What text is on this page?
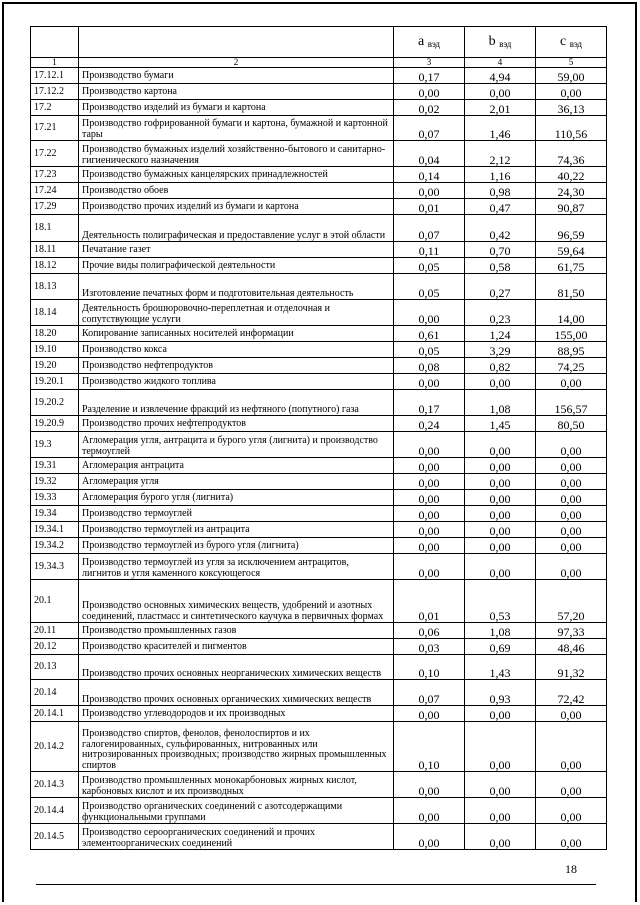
		a $_{вэд}$	b $_{вэд}$	c $_{вэд}$
1	2	3	4	5
17.12.1	Производство бумаги	0,17	4,94	59,00
17.12.2	Производство картона	0,00	0,00	0,00
17.2	Производство изделий из бумаги и картона	0,02	2,01	36,13
17.21	Производство гофрированной бумаги и картона, бумажной и картонной тары	0,07	1,46	110,56
17.22	Производство бумажных изделий хозяйственно-бытового и санитарно-гигиенического назначения	0,04	2,12	74,36
17.23	Производство бумажных канцелярских принадлежностей	0,14	1,16	40,22
17.24	Производство обоев	0,00	0,98	24,30
17.29	Производство прочих изделий из бумаги и картона	0,01	0,47	90,87
18.1	Деятельность полиграфическая и предоставление услуг в этой области	0,07	0,42	96,59
18.11	Печатание газет	0,11	0,70	59,64
18.12	Прочие виды полиграфической деятельности	0,05	0,58	61,75
18.13	Изготовление печатных форм и подготовительная деятельность	0,05	0,27	81,50
18.14	Деятельность брошюровочно-переплетная и отделочная и сопутствующие услуги	0,00	0,23	14,00
18.20	Копирование записанных носителей информации	0,61	1,24	155,00
19.10	Производство кокса	0,05	3,29	88,95
19.20	Производство нефтепродуктов	0,08	0,82	74,25
19.20.1	Производство жидкого топлива	0,00	0,00	0,00
19.20.2	Разделение и извлечение фракций из нефтяного (попутного) газа	0,17	1,08	156,57
19.20.9	Производство прочих нефтепродуктов	0,24	1,45	80,50
19.3	Агломерация угля, антрацита и бурого угля (лигнита) и производство термоуглей	0,00	0,00	0,00
19.31	Агломерация антрацита	0,00	0,00	0,00
19.32	Агломерация угля	0,00	0,00	0,00
19.33	Агломерация бурого угля (лигнита)	0,00	0,00	0,00
19.34	Производство термоуглей	0,00	0,00	0,00
19.34.1	Производство термоуглей из антрацита	0,00	0,00	0,00
19.34.2	Производство термоуглей из бурого угля (лигнита)	0,00	0,00	0,00
19.34.3	Производство термоуглей из угля за исключением антрацитов, лигнитов и угля каменного коксующегося	0,00	0,00	0,00
20.1	Производство основных химических веществ, удобрений и азотных соединений, пластмасс и синтетического каучука в первичных формах	0,01	0,53	57,20
20.11	Производство промышленных газов	0,06	1,08	97,33
20.12	Производство красителей и пигментов	0,03	0,69	48,46
20.13	Производство прочих основных неорганических химических веществ	0,10	1,43	91,32
20.14	Производство прочих основных органических химических веществ	0,07	0,93	72,42
20.14.1	Производство углеводородов и их производных	0,00	0,00	0,00
20.14.2	Производство спиртов, фенолов, фенолоспиртов и их галогенированных, сульфированных, нитрованных или нитрозированных производных; производство жирных промышленных спиртов	0,10	0,00	0,00
20.14.3	Производство промышленных монокарбоновых жирных кислот, карбоновых кислот и их производных	0,00	0,00	0,00
20.14.4	Производство органических соединений с азотсодержащими функциональными группами	0,00	0,00	0,00
20.14.5	Производство сероорганических соединений и прочих элементоорганических соединений	0,00	0,00	0,00
18
